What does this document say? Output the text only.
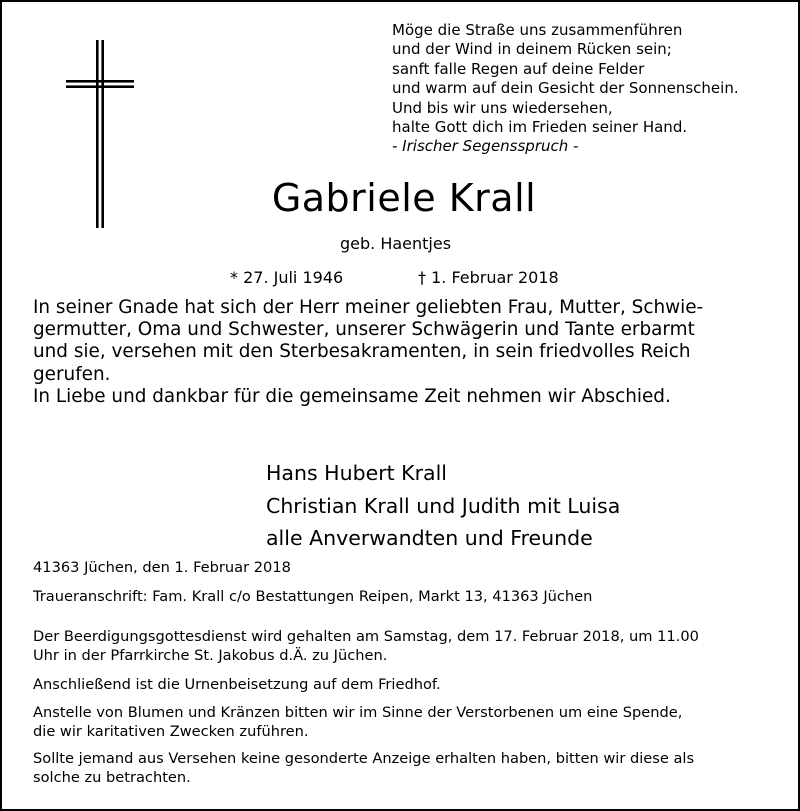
Möge die Straße uns zusammenführen

und der Wind in deinem Rücken sein;

sanft falle Regen auf deine Felder

und warm auf dein Gesicht der Sonnenschein.

Und bis wir uns wiedersehen,

halte Gott dich im Frieden seiner Hand.

- Irischer Segensspruch -

Gabriele Krall
geb. Haentjes
* 27. Juli 1946	† 1. Februar 2018

In seiner Gnade hat sich der Herr meiner geliebten Frau, Mutter, Schwie-

germutter, Oma und Schwester, unserer Schwägerin und Tante erbarmt

und sie, versehen mit den Sterbesakramenten, in sein friedvolles Reich

gerufen.

In Liebe und dankbar für die gemeinsame Zeit nehmen wir Abschied.

Hans Hubert Krall

Christian Krall und Judith mit Luisa

alle Anverwandten und Freunde

41363 Jüchen, den 1. Februar 2018

Traueranschrift: Fam. Krall c/o Bestattungen Reipen, Markt 13, 41363 Jüchen

Der Beerdigungsgottesdienst wird gehalten am Samstag, dem 17. Februar 2018, um 11.00

Uhr in der Pfarrkirche St. Jakobus d.Ä. zu Jüchen.

Anschließend ist die Urnenbeisetzung auf dem Friedhof.

Anstelle von Blumen und Kränzen bitten wir im Sinne der Verstorbenen um eine Spende,

die wir karitativen Zwecken zuführen.

Sollte jemand aus Versehen keine gesonderte Anzeige erhalten haben, bitten wir diese als

solche zu betrachten.
